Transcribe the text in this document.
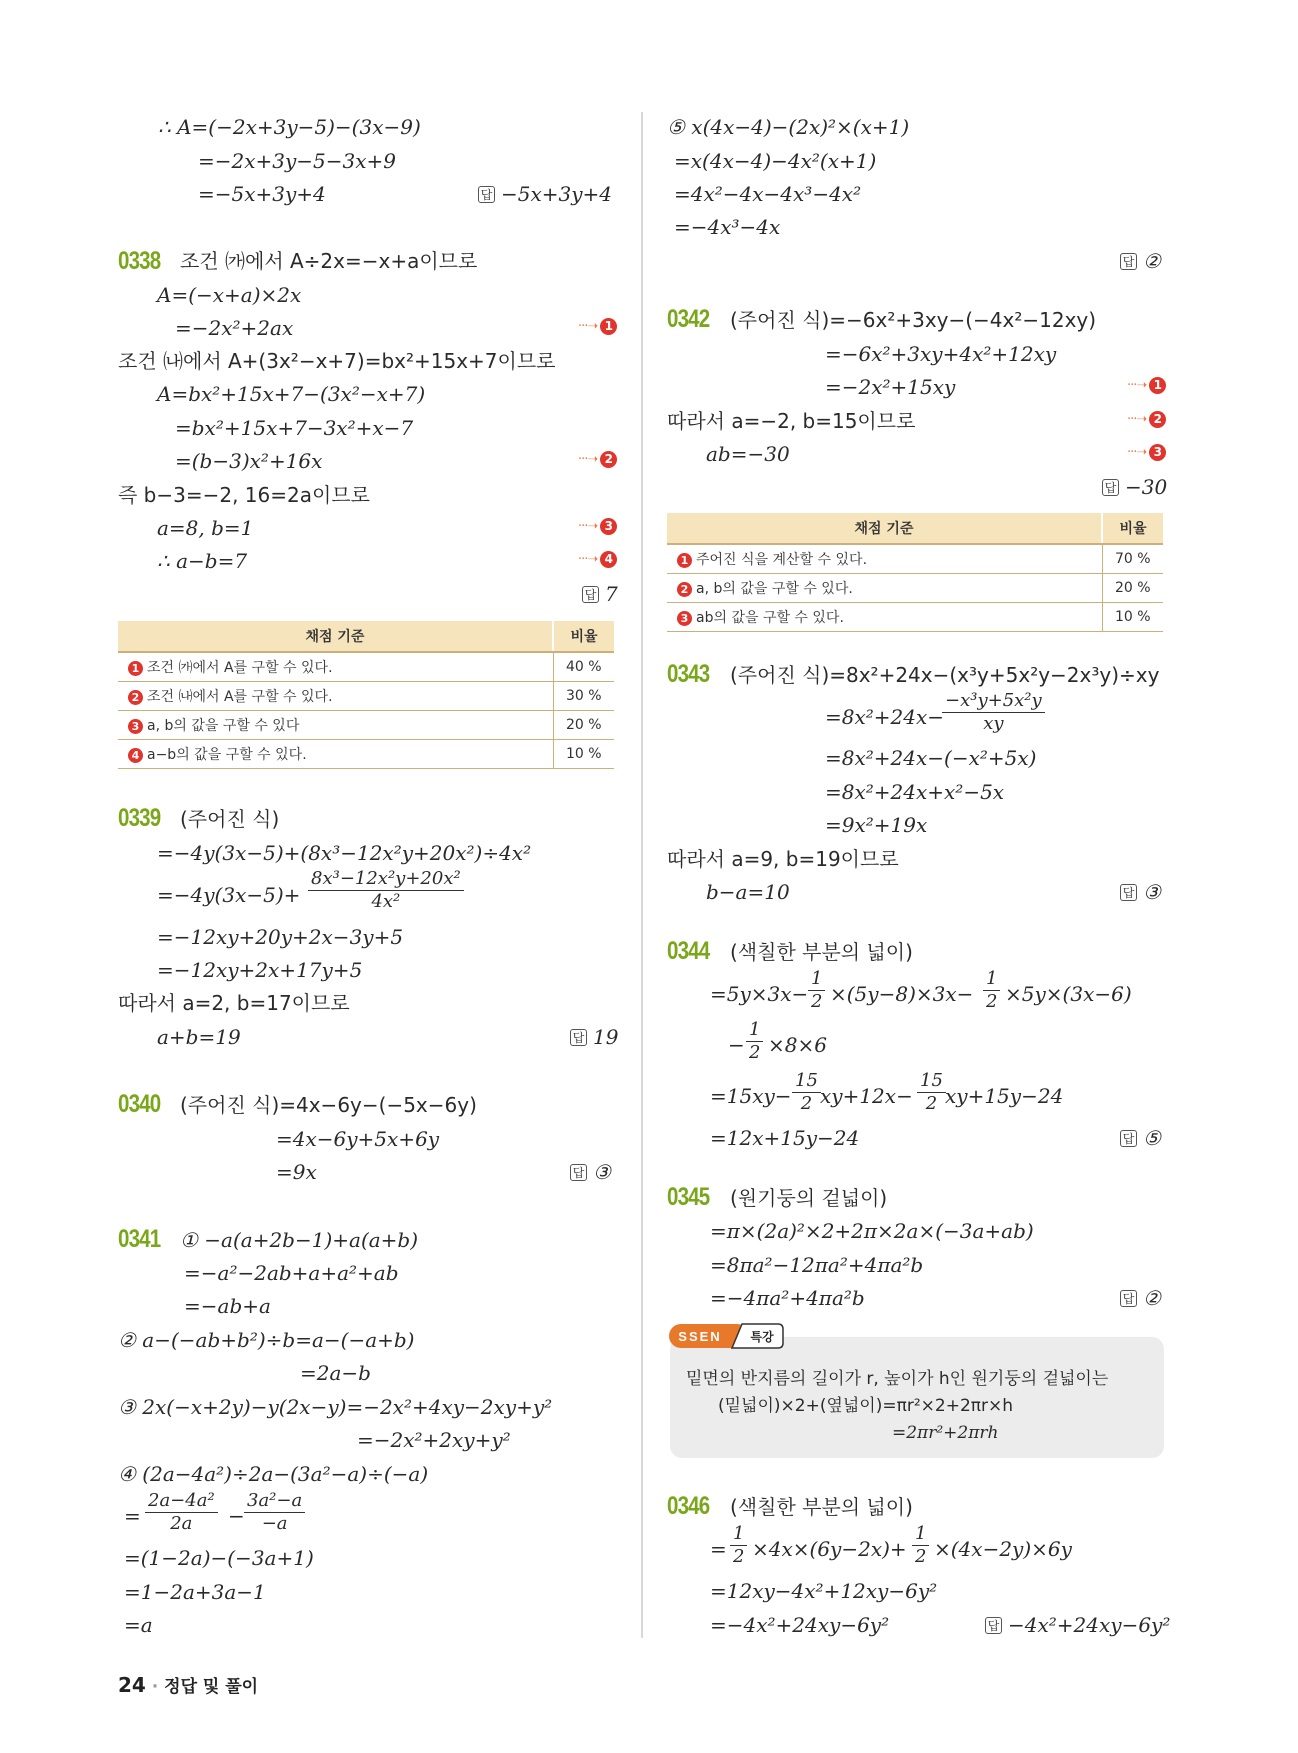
∴ A=(−2x+3y−5)−(3x−9)
=−2x+3y−5−3x+9
=−5x+3y+4	답 −5x+3y+4
0338 조건 ㈎에서 A÷2x=−x+a이므로
A=(−x+a)×2x
=−2x²+2ax	···➝ 1
조건 ㈏에서 A+(3x²−x+7)=bx²+15x+7이므로
A=bx²+15x+7−(3x²−x+7)
=bx²+15x+7−3x²+x−7
=(b−3)x²+16x	···➝ 2
즉 b−3=−2, 16=2a이므로
a=8, b=1	···➝ 3
∴ a−b=7	···➝ 4
답 7
채점 기준	비율
1 조건 ㈎에서 A를 구할 수 있다.	40 %
2 조건 ㈏에서 A를 구할 수 있다.	30 %
3 a, b의 값을 구할 수 있다	20 %
4 a−b의 값을 구할 수 있다.	10 %
0339 (주어진 식)
=−4y(3x−5)+(8x³−12x²y+20x²)÷4x²
$=-4y(3x-5)+ \frac{\text{8x³−12x²y+20x²}}{\text{4x²}}$
=−12xy+20y+2x−3y+5
=−12xy+2x+17y+5
따라서 a=2, b=17이므로
a+b=19	답 19
0340 (주어진 식)=4x−6y−(−5x−6y)
=4x−6y+5x+6y
=9x	답 ③
0341 ① −a(a+2b−1)+a(a+b)
=−a²−2ab+a+a²+ab
=−ab+a
② a−(−ab+b²)÷b=a−(−a+b)
=2a−b
③ 2x(−x+2y)−y(2x−y)=−2x²+4xy−2xy+y²
=−2x²+2xy+y²
④ (2a−4a²)÷2a−(3a²−a)÷(−a)
= $\frac{\text{2a−4a²}}{2a} - \frac{\text{3a²−a}}{-a}$
=(1−2a)−(−3a+1)
=1−2a+3a−1
=a
24 · 정답 및 풀이
⑤ x(4x−4)−(2x)²×(x+1)
=x(4x−4)−4x²(x+1)
=4x²−4x−4x³−4x²
=−4x³−4x
답 ②
0342 (주어진 식)=−6x²+3xy−(−4x²−12xy)
=−6x²+3xy+4x²+12xy
=−2x²+15xy	···➝ 1
따라서 a=−2, b=15이므로	···➝ 2
ab=−30	···➝ 3
답 −30
채점 기준	비율
1 주어진 식을 계산할 수 있다.	70 %
2 a, b의 값을 구할 수 있다.	20 %
3 ab의 값을 구할 수 있다.	10 %
0343 (주어진 식)=8x²+24x−(x³y+5x²y−2x³y)÷xy
=8x²+24x−
$\frac{\text{−x³y+5x²y}}{xy}$
=8x²+24x−(−x²+5x)
=8x²+24x+x²−5x
=9x²+19x
따라서 a=9, b=19이므로
b−a=10	답 ③
0344 (색칠한 부분의 넓이)
$=5y\times 3x- \frac{1}{2} \times(5y-8)\times 3x- \frac{1}{2} \times 5y\times(3x-6)$
− $\frac{1}{2} \times 8\times 6$
$=15xy- \frac{15}{2} xy+12x- \frac{15}{2} xy+15y-24$
=12x+15y−24	답 ⑤
0345 (원기둥의 겉넓이)
=π×(2a)²×2+2π×2a×(−3a+ab)
=8πa²−12πa²+4πa²b
=−4πa²+4πa²b	답 ②
밑면의 반지름의 길이가 r, 높이가 h인 원기둥의 겉넓이는
(밑넓이)×2+(옆넓이)=πr²×2+2πr×h
=2πr²+2πrh
SSEN 특강
0346 (색칠한 부분의 넓이)
= $\frac{1}{2} \times 4x\times(6y-2x)+ \frac{1}{2} \times(4x-2y)\times 6y$
=12xy−4x²+12xy−6y²
=−4x²+24xy−6y²	답 −4x²+24xy−6y²
